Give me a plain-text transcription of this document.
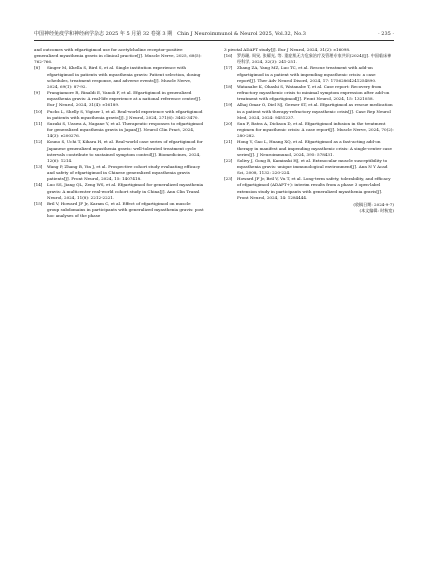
中国神经免疫学和神经病学杂志 2025 年 5 月第 32 卷第 3 期　Chin J Neuroimmunol & Neurol 2025, Vol.32, No.3	· 235 ·

and outcomes with efgartigimod use for acetylcholine receptor-positive generalized myasthenia gravis in clinical practice[J]. Muscle Nerve, 2025, 68(5): 762-766.

[8] Singer M, Khella S, Bird S, et al. Single institution experience with efgartigimod in patients with myasthenia gravis: Patient selection, dosing schedules, treatment response, and adverse events[J]. Muscle Nerve, 2024, 69(1): 87-92.

[9] Frangiamore R, Rinaldi E, Vanoli F, et al. Efgartigimod in generalized myasthenia gravis: A real-life experience at a national reference center[J]. Eur J Neurol, 2024, 31(4): e16189.

[10] Fuchs L, Shelly S, Vigiser I, et al. Real-world experience with efgartigimod in patients with myasthenia gravis[J]. J Neurol, 2024, 271(6): 3462-3470.

[11] Suzuki S, Uzawa A, Nagane Y, et al. Therapeutic responses to efgartigimod for generalized myasthenia gravis in Japan[J]. Neurol Clin Pract, 2024, 14(3): e200276.

[12] Kouno S, Uchi T, Kihara H, et al. Real-world case series of efgartigimod for Japanese generalized myasthenia gravis: well-tolerated treatment cycle intervals contribute to sustained symptom control[J]. Biomedicines, 2024, 12(6): 1214.

[13] Wang P, Zhang B, Yin J, et al. Prospective cohort study evaluating efficacy and safety of efgartigimod in Chinese generalized myasthenia gravis patients[J]. Front Neurol, 2024, 15: 1407418.

[14] Luo SS, Jiang QL, Zeng WS, et al. Efgartigimod for generalized myasthenia gravis: A multicenter real-world cohort study in China[J]. Ann Clin Transl Neurol, 2024, 11(8): 2212-2221.

[15] Bril V, Howard JF Jr, Karam C, et al. Effect of efgartigimod on muscle group subdomains in participants with generalized myasthenia gravis: post hoc analyses of the phase

3 pivotal ADAPT study[J]. Eur J Neurol, 2024, 31(2): e16098.

[16] 罗苏珊, 周旻, 张耀光, 等. 重症肌无力危象治疗及管理专家共识(2024)[J]. 中国临床神经科学, 2024, 32(3): 241-251.

[17] Zhang ZA, Yang MZ, Luo TC, et al. Rescue treatment with add-on efgartigimod in a patient with impending myasthenic crisis: a case report[J]. Ther Adv Neurol Disord, 2024, 17: 17562864241254890.

[18] Watanabe K, Ohashi S, Watanabe T, et al. Case report: Recovery from refractory myasthenic crisis to minimal symptom expression after add-on treatment with efgartigimod[J]. Front Neurol, 2024, 15: 1321058.

[19] Alhaj Omar O, Diel NJ, Gerner ST, et al. Efgartigimod as rescue medication in a patient with therapy-refractory myasthenic crisis[J]. Case Rep Neurol Med, 2024, 2024: 9451237.

[20] Sun F, Batra A, Dickson D, et al. Efgartigimod infusion in the treatment regimen for myasthenic crisis: A case report[J]. Muscle Nerve, 2024, 70(2): 280-282.

[21] Hong Y, Gao L, Huang XQ, et al. Efgartigimod as a fast-acting add-on therapy in manifest and impending myasthenic crisis: A single-center case series[J]. J Neuroimmunol, 2024, 395: 578431.

[22] Solivy J, Gong B, Kaminski HJ, et al. Extraocular muscle susceptibility to myasthenia gravis: unique immunological environment[J]. Ann N Y Acad Sci, 2008, 1132: 220-224.

[23] Howard JF Jr, Bril V, Vu T, et al. Long-term safety, tolerability, and efficacy of efgartigimod (ADAPT+): interim results from a phase 3 open-label extension study in participants with generalized myasthenia gravis[J]. Front Neurol, 2024, 14: 1284444.

(收稿日期: 2024-9-7)
(本文编辑: 时秋宽)
